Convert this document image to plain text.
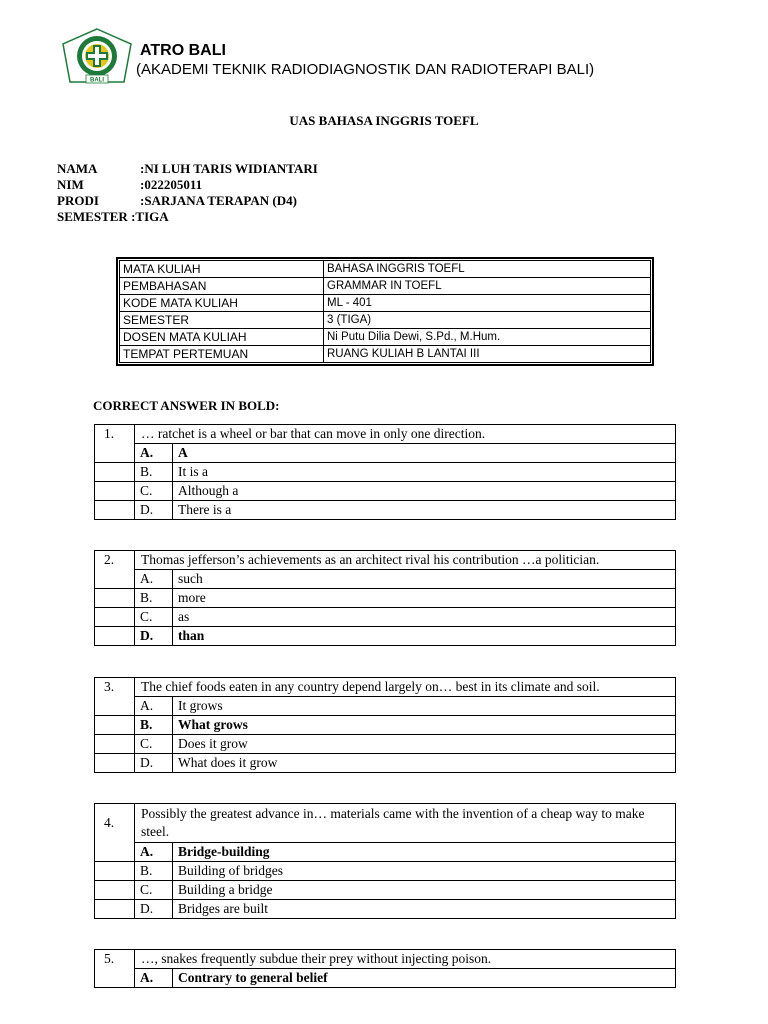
BALI
ATRO BALI
(AKADEMI TEKNIK RADIODIAGNOSTIK DAN RADIOTERAPI BALI)
UAS BAHASA INGGRIS TOEFL
NAMA	:NI LUH TARIS WIDIANTARI
NIM	:022205011
PRODI	:SARJANA TERAPAN (D4)
SEMESTER :TIGA
MATA KULIAH	BAHASA INGGRIS TOEFL
PEMBAHASAN	GRAMMAR IN TOEFL
KODE MATA KULIAH	ML - 401
SEMESTER	3 (TIGA)
DOSEN MATA KULIAH	Ni Putu Dilia Dewi, S.Pd., M.Hum.
TEMPAT PERTEMUAN	RUANG KULIAH B LANTAI III
CORRECT ANSWER IN BOLD:
1.	… ratchet is a wheel or bar that can move in only one direction.	
	A.	A
	B.	It is a
	C.	Although a
	D.	There is a
2.	Thomas jefferson’s achievements as an architect rival his contribution …a politician.	
	A.	such
	B.	more
	C.	as
	D.	than
3.	The chief foods eaten in any country depend largely on… best in its climate and soil.	
	A.	It grows
	B.	What grows
	C.	Does it grow
	D.	What does it grow
4.	Possibly the greatest advance in… materials came with the invention of a cheap way to make steel.	
	A.	Bridge-building
	B.	Building of bridges
	C.	Building a bridge
	D.	Bridges are built
5.	…, snakes frequently subdue their prey without injecting poison.	
	A.	Contrary to general belief
